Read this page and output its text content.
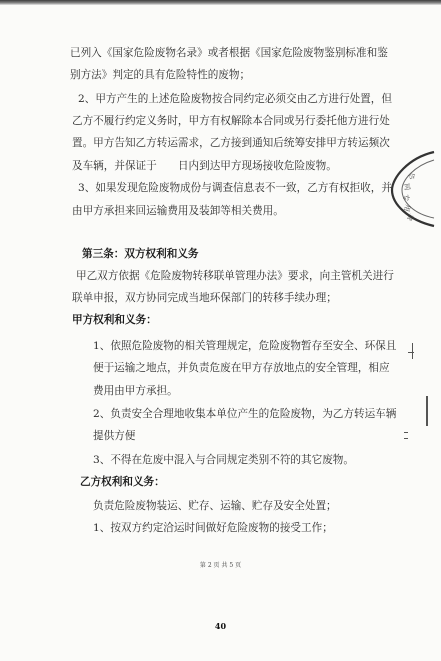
已列入《国家危险废物名录》或者根据《国家危险废物鉴别标准和鉴
别方法》判定的具有危险特性的废物；
2、甲方产生的上述危险废物按合同约定必须交由乙方进行处置，但
乙方不履行约定义务时，甲方有权解除本合同或另行委托他方进行处
置。甲方告知乙方转运需求，乙方接到通知后统筹安排甲方转运频次
及车辆，并保证于　　日内到达甲方现场接收危险废物。
3、如果发现危险废物成份与调查信息表不一致，乙方有权拒收，并
由甲方承担来回运输费用及装卸等相关费用。
第三条：双方权利和义务
甲乙双方依据《危险废物转移联单管理办法》要求，向主管机关进行
联单申报，双方协同完成当地环保部门的转移手续办理；
甲方权利和义务：
1、依照危险废物的相关管理规定，危险废物暂存至安全、环保且
便于运输之地点，并负责危废在甲方存放地点的安全管理，相应
费用由甲方承担。
2、负责安全合理地收集本单位产生的危险废物，为乙方转运车辆
提供方便
3、不得在危废中混入与合同规定类别不符的其它废物。
乙方权利和义务：
负责危险废物装运、贮存、运输、贮存及安全处置；
1、按双方约定洽运时间做好危险废物的接受工作；
第 2 页 共 5 页
40
合
同
专
用
章
